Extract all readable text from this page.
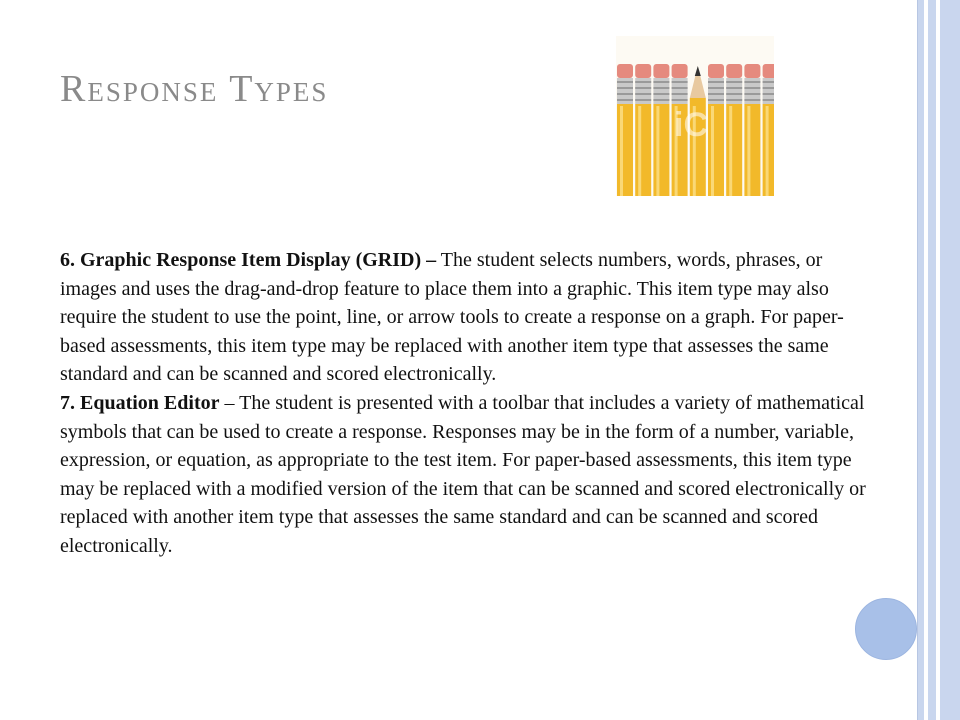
Response Types
iC

6. Graphic Response Item Display (GRID) – The student selects numbers, words, phrases, or images and uses the drag-and-drop feature to place them into a graphic. This item type may also require the student to use the point, line, or arrow tools to create a response on a graph. For paper-based assessments, this item type may be replaced with another item type that assesses the same standard and can be scanned and scored electronically.

7. Equation Editor – The student is presented with a toolbar that includes a variety of mathematical symbols that can be used to create a response. Responses may be in the form of a number, variable, expression, or equation, as appropriate to the test item. For paper-based assessments, this item type may be replaced with a modified version of the item that can be scanned and scored electronically or replaced with another item type that assesses the same standard and can be scanned and scored electronically.
